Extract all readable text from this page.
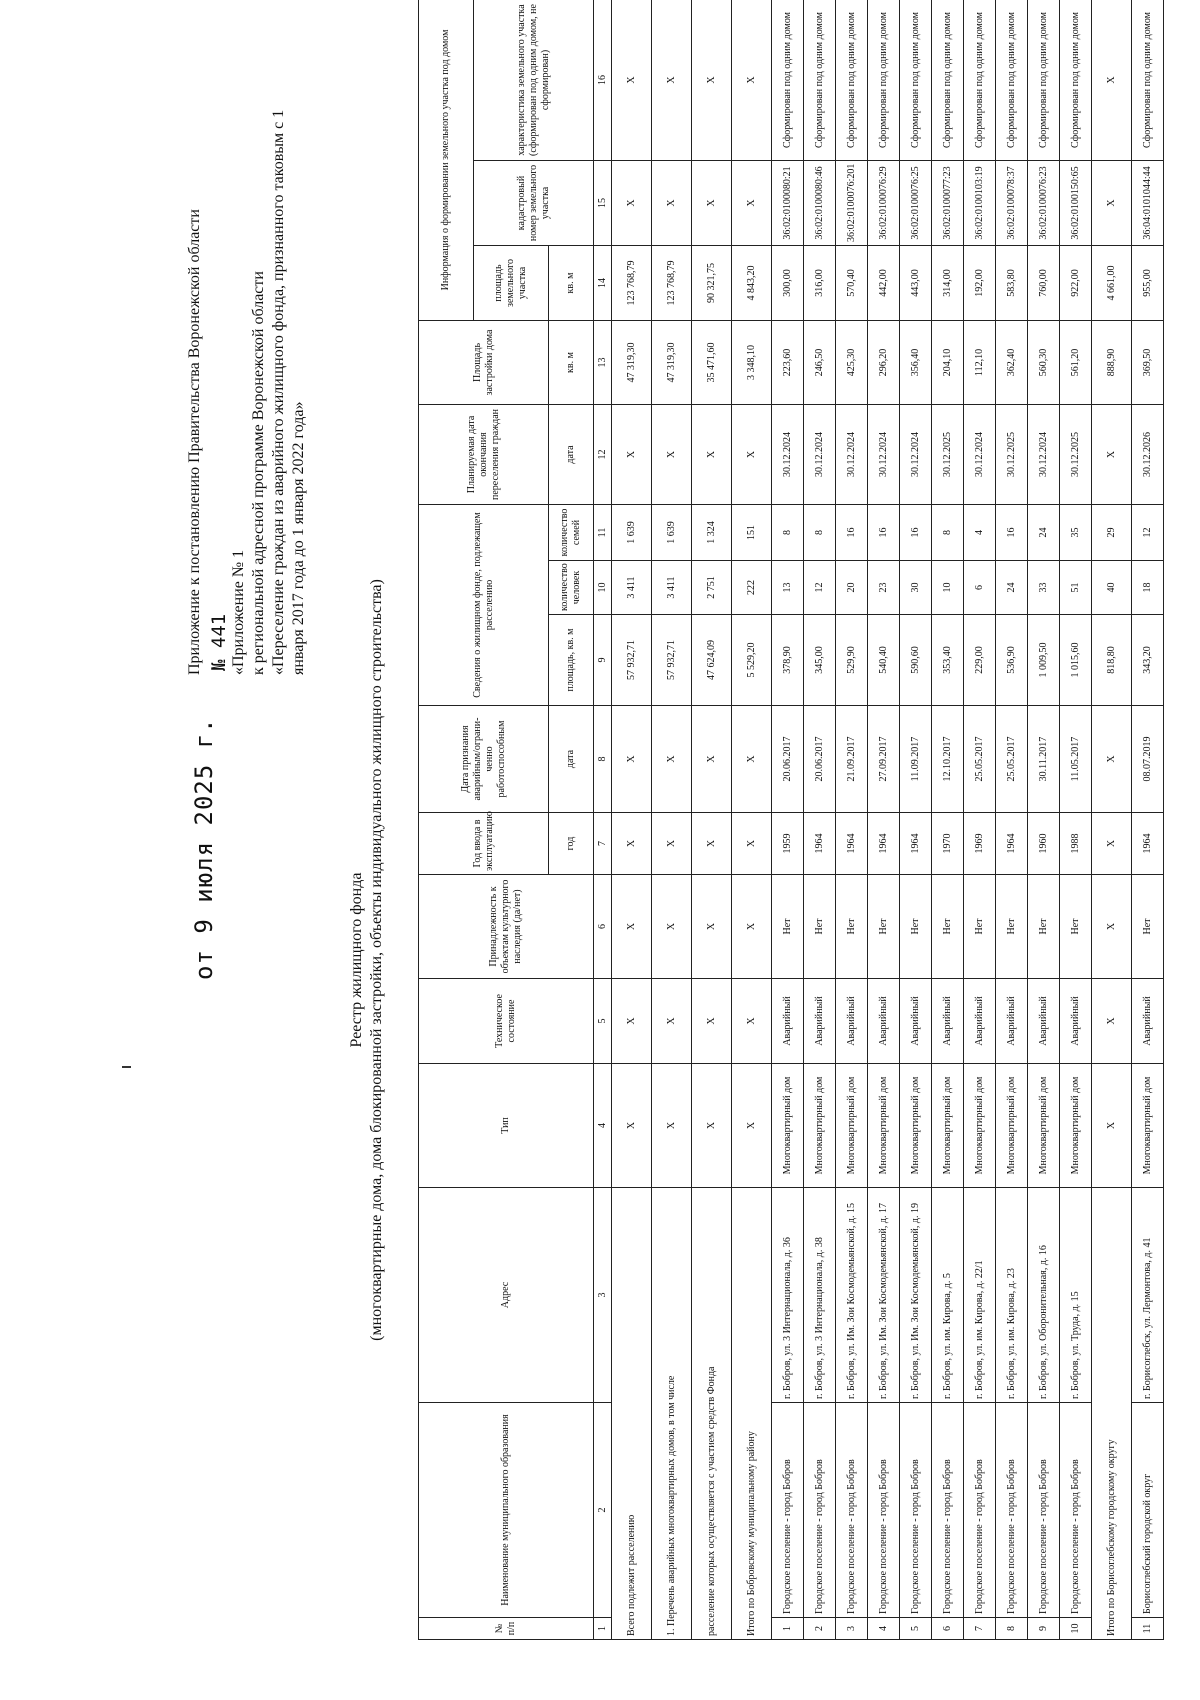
от 9 июля 2025 г.
Приложение к постановлению Правительства Воронежской области № 441 «Приложение № 1 к региональной адресной программе Воронежской области «Переселение граждан из аварийного жилищного фонда, признанного таковым с 1 января 2017 года до 1 января 2022 года»
Реестр жилищного фонда (многоквартирные дома, дома блокированной застройки, объекты индивидуального жилищного строительства)
№ п/п	Наименование муниципального образования	Адрес	Тип	Техническое состояние	Принадлежность к объектам культурного наследия (да/нет)	Год ввода в эксплуатацию	Дата признания аварийным/ограни-ченно работоспособным	Сведения о жилищном фонде, подлежащем расселению			Планируемая дата окончания переселения граждан	Площадь застройки дома	Информация о формировании земельного участка под домом		
													площадь земельного участка	кадастровый номер земельного участка	характеристика земельного участка (сформирован под одним домом, не сформирован)
						год	дата	площадь, кв. м	количество человек	количество семей	дата	кв. м	кв. м		
1	2	3	4	5	6	7	8	9	10	11	12	13	14	15	16
Всего подлежит расселению			Х	Х	Х	Х	Х	57 932,71	3 411	1 639	Х	47 319,30	123 768,79	Х	Х
1. Перечень аварийных многоквартирных домов, в том числе			Х	Х	Х	Х	Х	57 932,71	3 411	1 639	Х	47 319,30	123 768,79	Х	Х
расселение которых осуществляется с участием средств Фонда			Х	Х	Х	Х	Х	47 624,09	2 751	1 324	Х	35 471,60	90 321,75	Х	Х
Итого по Бобровскому муниципальному району			Х	Х	Х	Х	Х	5 529,20	222	151	Х	3 348,10	4 843,20	Х	Х
1	Городское поселение - город Бобров	г. Бобров, ул. 3 Интернационала, д. 36	Многоквартирный дом	Аварийный	Нет	1959	20.06.2017	378,90	13	8	30.12.2024	223,60	300,00	36:02:0100080:21	Сформирован под одним домом
2	Городское поселение - город Бобров	г. Бобров, ул. 3 Интернационала, д. 38	Многоквартирный дом	Аварийный	Нет	1964	20.06.2017	345,00	12	8	30.12.2024	246,50	316,00	36:02:0100080:46	Сформирован под одним домом
3	Городское поселение - город Бобров	г. Бобров, ул. Им. Зои Космодемьянской, д. 15	Многоквартирный дом	Аварийный	Нет	1964	21.09.2017	529,90	20	16	30.12.2024	425,30	570,40	36:02:0100076:201	Сформирован под одним домом
4	Городское поселение - город Бобров	г. Бобров, ул. Им. Зои Космодемьянской, д. 17	Многоквартирный дом	Аварийный	Нет	1964	27.09.2017	540,40	23	16	30.12.2024	296,20	442,00	36:02:0100076:29	Сформирован под одним домом
5	Городское поселение - город Бобров	г. Бобров, ул. Им. Зои Космодемьянской, д. 19	Многоквартирный дом	Аварийный	Нет	1964	11.09.2017	590,60	30	16	30.12.2024	356,40	443,00	36:02:0100076:25	Сформирован под одним домом
6	Городское поселение - город Бобров	г. Бобров, ул. им. Кирова, д. 5	Многоквартирный дом	Аварийный	Нет	1970	12.10.2017	353,40	10	8	30.12.2025	204,10	314,00	36:02:0100077:23	Сформирован под одним домом
7	Городское поселение - город Бобров	г. Бобров, ул. им. Кирова, д. 22/1	Многоквартирный дом	Аварийный	Нет	1969	25.05.2017	229,00	6	4	30.12.2024	112,10	192,00	36:02:0100103:19	Сформирован под одним домом
8	Городское поселение - город Бобров	г. Бобров, ул. им. Кирова, д. 23	Многоквартирный дом	Аварийный	Нет	1964	25.05.2017	536,90	24	16	30.12.2025	362,40	583,80	36:02:0100078:37	Сформирован под одним домом
9	Городское поселение - город Бобров	г. Бобров, ул. Оборонительная, д. 16	Многоквартирный дом	Аварийный	Нет	1960	30.11.2017	1 009,50	33	24	30.12.2024	560,30	760,00	36:02:0100076:23	Сформирован под одним домом
10	Городское поселение - город Бобров	г. Бобров, ул. Труда, д. 15	Многоквартирный дом	Аварийный	Нет	1988	11.05.2017	1 015,60	51	35	30.12.2025	561,20	922,00	36:02:0100150:65	Сформирован под одним домом
Итого по Борисоглебскому городскому округу			Х	Х	Х	Х	Х	818,80	40	29	Х	888,90	4 661,00	Х	Х
11	Борисоглебский городской округ	г. Борисоглебск, ул. Лермонтова, д. 41	Многоквартирный дом	Аварийный	Нет	1964	08.07.2019	343,20	18	12	30.12.2026	369,50	955,00	36:04:0101044:44	Сформирован под одним домом
